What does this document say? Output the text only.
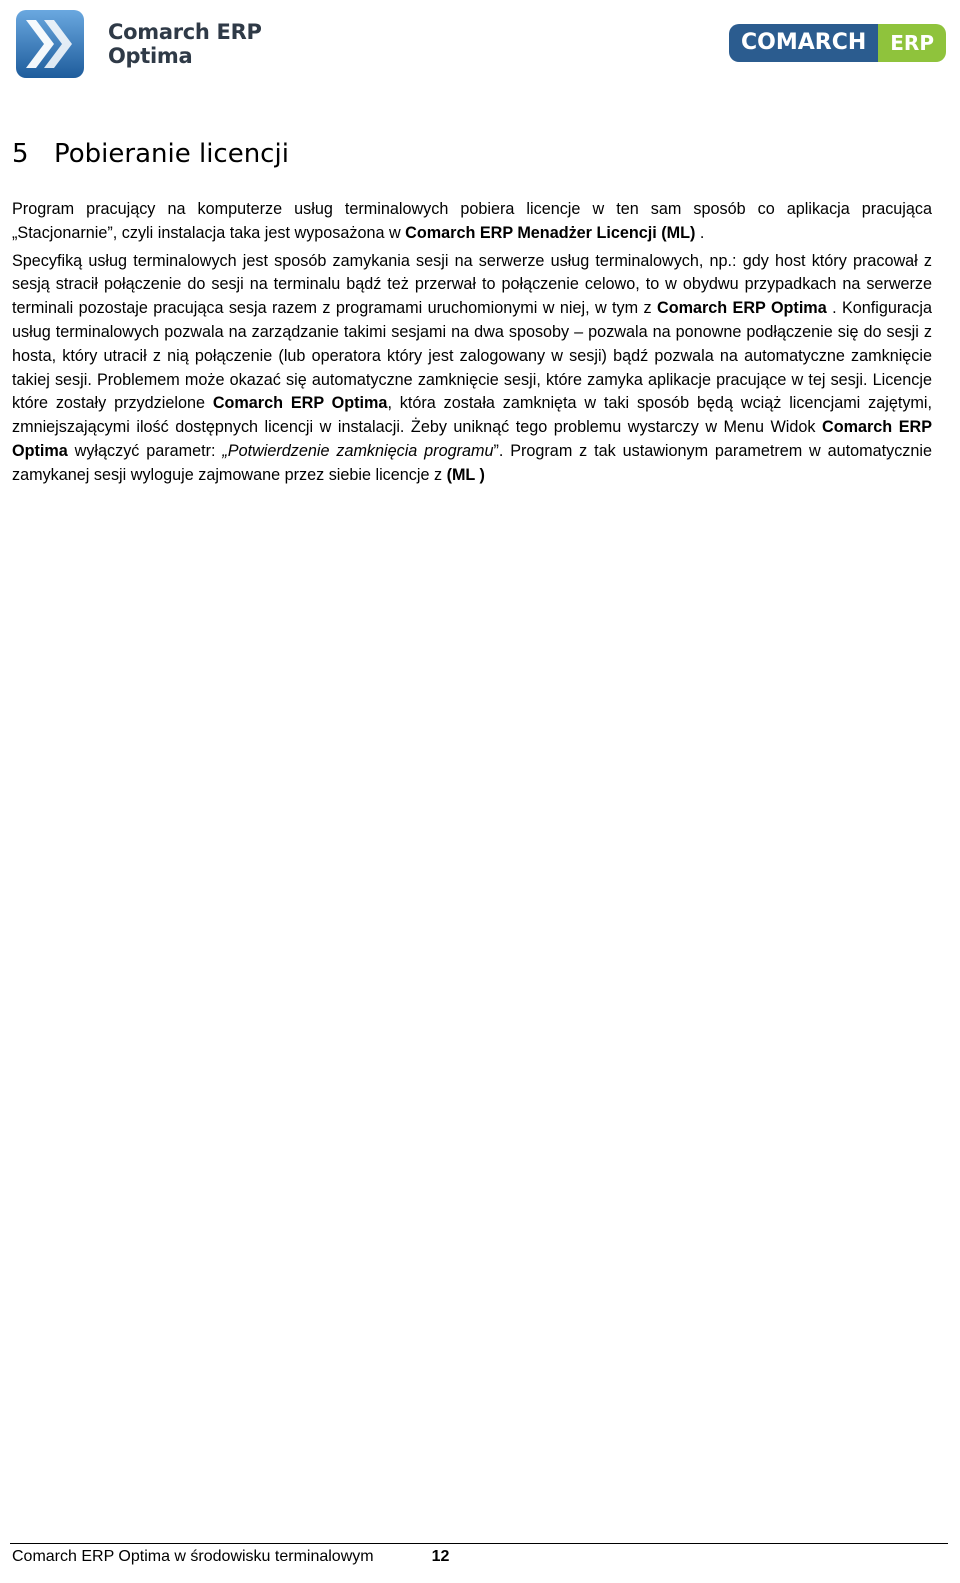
Comarch ERP
Optima
COMARCH	ERP
5 Pobieranie licencji

Program pracujący na komputerze usług terminalowych pobiera licencje w ten sam sposób co aplikacja pracująca „Stacjonarnie”, czyli instalacja taka jest wyposażona w Comarch ERP Menadżer Licencji (ML) .

Specyfiką usług terminalowych jest sposób zamykania sesji na serwerze usług terminalowych, np.: gdy host który pracował z sesją stracił połączenie do sesji na terminalu bądź też przerwał to połączenie celowo, to w obydwu przypadkach na serwerze terminali pozostaje pracująca sesja razem z programami uruchomionymi w niej, w tym z Comarch ERP Optima . Konfiguracja usług terminalowych pozwala na zarządzanie takimi sesjami na dwa sposoby – pozwala na ponowne podłączenie się do sesji z hosta, który utracił z nią połączenie (lub operatora który jest zalogowany w sesji) bądź pozwala na automatyczne zamknięcie takiej sesji. Problemem może okazać się automatyczne zamknięcie sesji, które zamyka aplikacje pracujące w tej sesji. Licencje które zostały przydzielone Comarch ERP Optima, która została zamknięta w taki sposób będą wciąż licencjami zajętymi, zmniejszającymi ilość dostępnych licencji w instalacji. Żeby uniknąć tego problemu wystarczy w Menu Widok Comarch ERP Optima wyłączyć parametr: „Potwierdzenie zamknięcia programu”. Program z tak ustawionym parametrem w automatycznie zamykanej sesji wyloguje zajmowane przez siebie licencje z (ML )

Comarch ERP Optima w środowisku terminalowym	12
